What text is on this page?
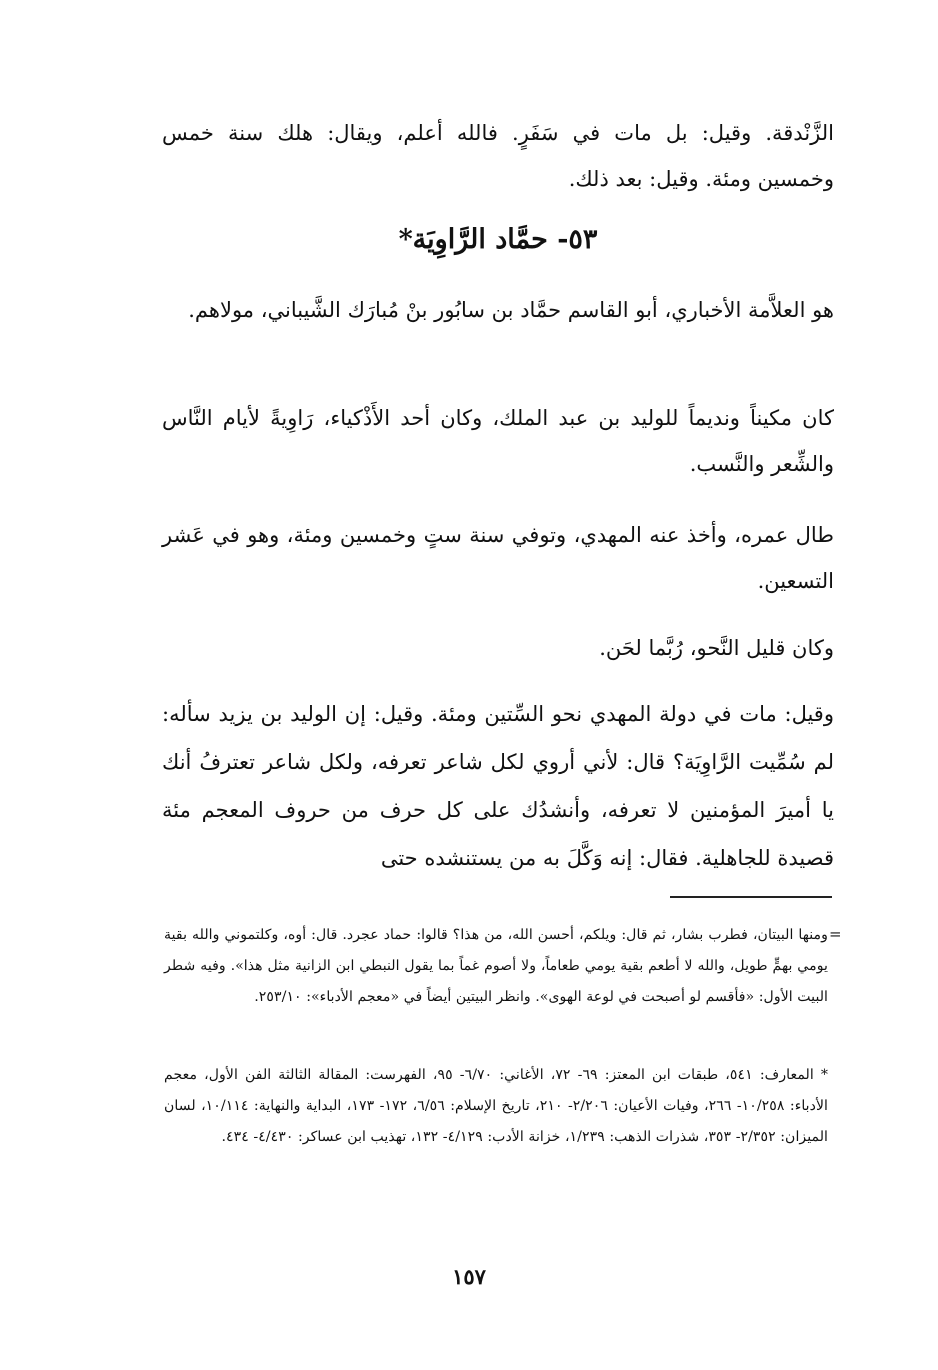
الزَّنْدقة. وقيل: بل مات في سَفَرٍ. فالله أعلم، ويقال: هلك سنة خمس وخمسين ومئة. وقيل: بعد ذلك.

٥٣- حمَّاد الرَّاوِيَة*

هو العلاَّمة الأخباري، أبو القاسم حمَّاد بن سابُور بنْ مُبارَك الشَّيباني، مولاهم.

كان مكيناً ونديماً للوليد بن عبد الملك، وكان أحد الأَذْكياء، رَاوِيةً لأيام النَّاس والشِّعر والنَّسب.

طال عمره، وأخذ عنه المهدي، وتوفي سنة ستٍ وخمسين ومئة، وهو في عَشر التسعين.

وكان قليل النَّحو، رُبَّما لحَن.

وقيل: مات في دولة المهدي نحو السِّتين ومئة. وقيل: إن الوليد بن يزيد سأله: لم سُمِّيت الرَّاوِيَة؟ قال: لأني أروي لكل شاعر تعرفه، ولكل شاعر تعترفُ أنك يا أميرَ المؤمنين لا تعرفه، وأنشدُك على كل حرف من حروف المعجم مئة قصيدة للجاهلية. فقال: إنه وَكَّلَ به من يستنشده حتى

=

ومنها البيتان، فطرب بشار، ثم قال: ويلكم، أحسن الله، من هذا؟ قالوا: حماد عجرد. قال: أوه، وكلتموني والله بقية يومي بهمٍّ طويل، والله لا أطعم بقية يومي طعاماً، ولا أصوم غماً بما يقول النبطي ابن الزانية مثل هذا». وفيه شطر البيت الأول: «فأقسم لو أصبحت في لوعة الهوى». وانظر البيتين أيضاً في «معجم الأدباء»: ٢٥٣/١٠.

* المعارف: ٥٤١، طبقات ابن المعتز: ٦٩- ٧٢، الأغاني: ٦/٧٠- ٩٥، الفهرست: المقالة الثالثة الفن الأول، معجم الأدباء: ١٠/٢٥٨- ٢٦٦، وفيات الأعيان: ٢/٢٠٦- ٢١٠، تاريخ الإسلام: ٦/٥٦، ١٧٢- ١٧٣، البداية والنهاية: ١٠/١١٤، لسان الميزان: ٢/٣٥٢- ٣٥٣، شذرات الذهب: ١/٢٣٩، خزانة الأدب: ٤/١٢٩- ١٣٢، تهذيب ابن عساكر: ٤/٤٣٠- ٤٣٤.

١٥٧
